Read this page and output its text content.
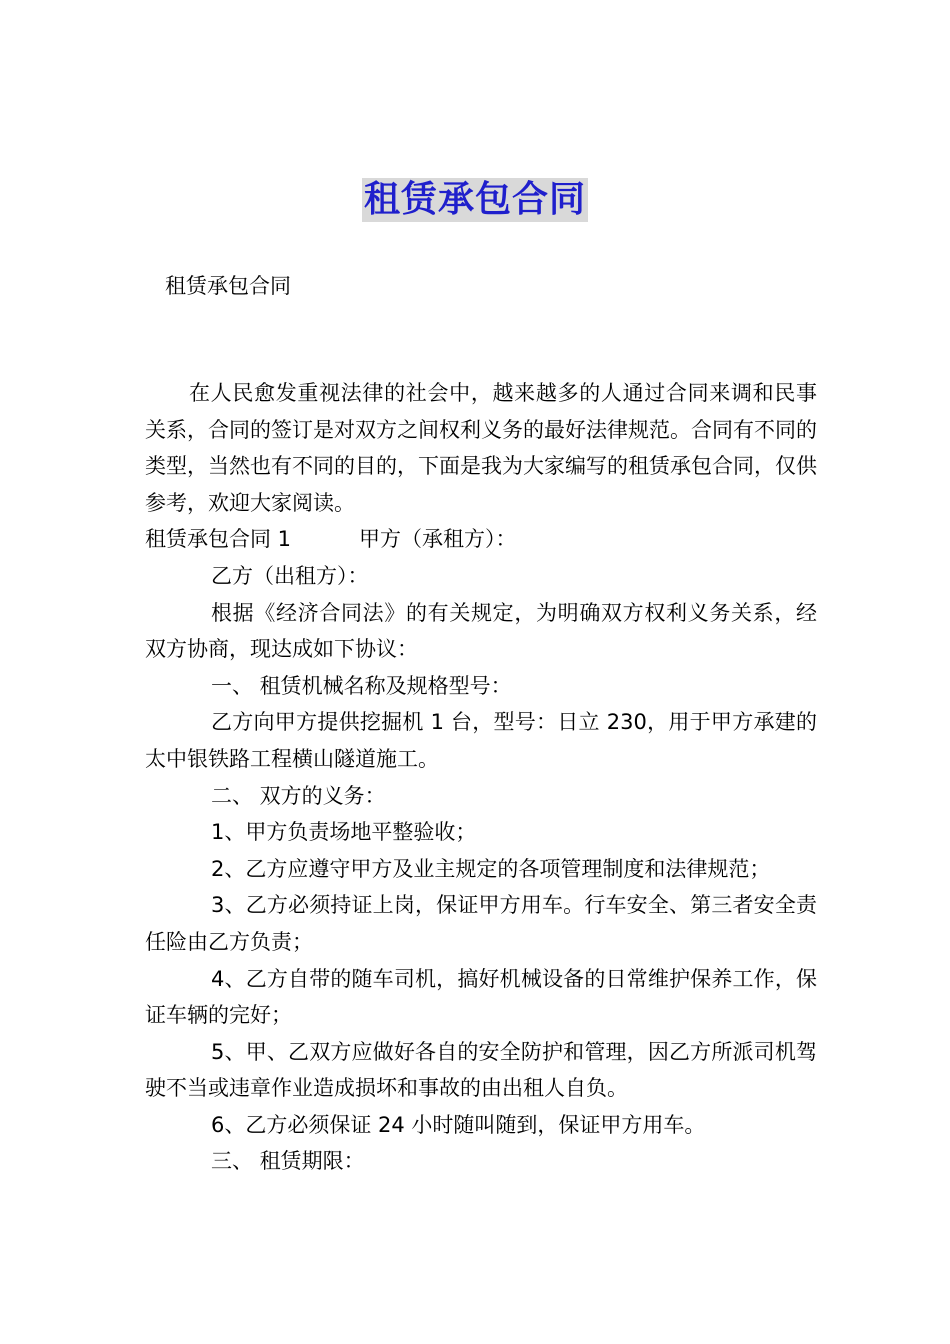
租赁承包合同
租赁承包合同

在人民愈发重视法律的社会中，越来越多的人通过合同来调和民事关系，合同的签订是对双方之间权利义务的最好法律规范。合同有不同的类型，当然也有不同的目的，下面是我为大家编写的租赁承包合同，仅供参考，欢迎大家阅读。

租赁承包合同 1	甲方（承租方）：

乙方（出租方）：

根据《经济合同法》的有关规定，为明确双方权利义务关系，经双方协商，现达成如下协议：

一、 租赁机械名称及规格型号：

乙方向甲方提供挖掘机 1 台，型号：日立 230，用于甲方承建的太中银铁路工程横山隧道施工。

二、 双方的义务：

1、甲方负责场地平整验收；

2、乙方应遵守甲方及业主规定的各项管理制度和法律规范；

3、乙方必须持证上岗，保证甲方用车。行车安全、第三者安全责任险由乙方负责；

4、乙方自带的随车司机，搞好机械设备的日常维护保养工作，保证车辆的完好；

5、甲、乙双方应做好各自的安全防护和管理，因乙方所派司机驾驶不当或违章作业造成损坏和事故的由出租人自负。

6、乙方必须保证 24 小时随叫随到，保证甲方用车。

三、 租赁期限：
